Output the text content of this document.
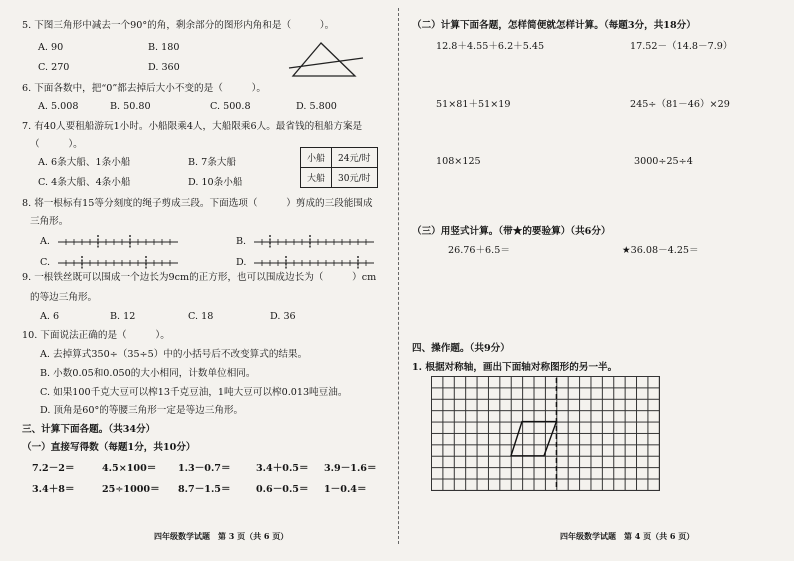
5. 下图三角形中减去一个90°的角，剩余部分的图形内角和是（　　　）。
A. 90	B. 180
C. 270	D. 360
6. 下面各数中，把“0”都去掉后大小不变的是（　　　）。
A. 5.008	B. 50.80	C. 500.8	D. 5.800
7. 有40人要租船游玩1小时。小船限乘4人，大船限乘6人。最省钱的租船方案是
（　　　）。
A. 6条大船、1条小船	B. 7条大船
C. 4条大船、4条小船	D. 10条小船
小船	24元/时
大船	30元/时
8. 将一根标有15等分刻度的绳子剪成三段。下面选项（　　　）剪成的三段能围成
三角形。
A.	B.
C.	D.
9. 一根铁丝既可以围成一个边长为9cm的正方形，也可以围成边长为（　　　）cm
的等边三角形。
A. 6	B. 12	C. 18	D. 36
10. 下面说法正确的是（　　　）。
A. 去掉算式350÷（35÷5）中的小括号后不改变算式的结果。
B. 小数0.05和0.050的大小相同，计数单位相同。
C. 如果100千克大豆可以榨13千克豆油，1吨大豆可以榨0.013吨豆油。
D. 顶角是60°的等腰三角形一定是等边三角形。
三、计算下面各题。（共34分）
（一）直接写得数（每题1分，共10分）
7.2－2＝	4.5×100＝ 1.3－0.7＝	3.4＋0.5＝ 3.9－1.6＝
3.4＋8＝	25÷1000＝ 8.7－1.5＝	0.6－0.5＝ 1－0.4＝
四年级数学试题　第 3 页（共 6 页）
（二）计算下面各题，怎样简便就怎样计算。（每题3分，共18分）
12.8＋4.55＋6.2＋5.45	17.52－（14.8－7.9）
51×81＋51×19	245÷（81－46）×29
108×125	3000÷25÷4
（三）用竖式计算。（带★的要验算）（共6分）
26.76＋6.5＝	★36.08－4.25＝
四、操作题。（共9分）
1. 根据对称轴，画出下面轴对称图形的另一半。
四年级数学试题　第 4 页（共 6 页）
